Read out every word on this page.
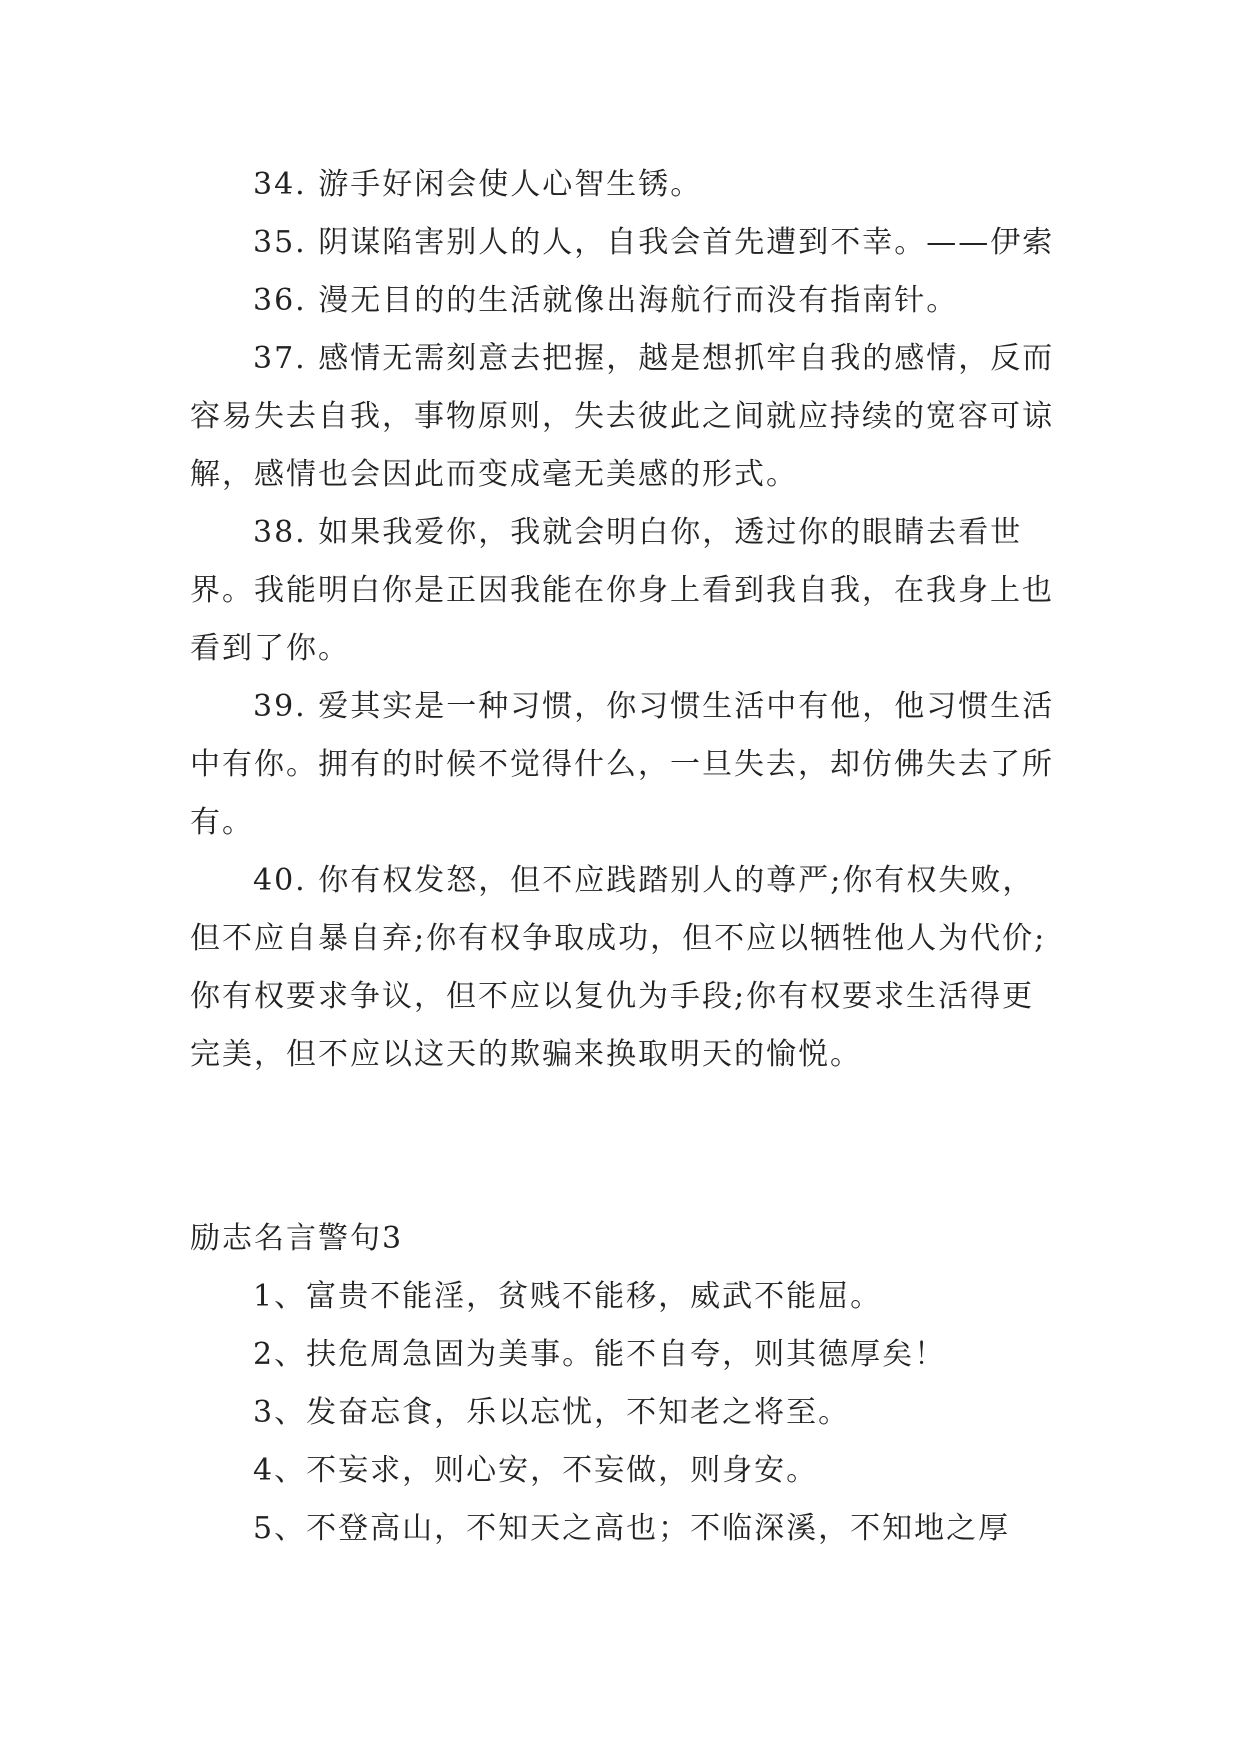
34. 游手好闲会使人心智生锈。

35. 阴谋陷害别人的人，自我会首先遭到不幸。——伊索

36. 漫无目的的生活就像出海航行而没有指南针。

37. 感情无需刻意去把握，越是想抓牢自我的感情，反而容易失去自我，事物原则，失去彼此之间就应持续的宽容可谅解，感情也会因此而变成毫无美感的形式。

38. 如果我爱你，我就会明白你，透过你的眼睛去看世界。我能明白你是正因我能在你身上看到我自我，在我身上也看到了你。

39. 爱其实是一种习惯，你习惯生活中有他，他习惯生活中有你。拥有的时候不觉得什么，一旦失去，却仿佛失去了所有。

40. 你有权发怒，但不应践踏别人的尊严;你有权失败，但不应自暴自弃;你有权争取成功，但不应以牺牲他人为代价;你有权要求争议，但不应以复仇为手段;你有权要求生活得更完美，但不应以这天的欺骗来换取明天的愉悦。

励志名言警句3

1、富贵不能淫，贫贱不能移，威武不能屈。

2、扶危周急固为美事。能不自夸，则其德厚矣！

3、发奋忘食，乐以忘忧，不知老之将至。

4、不妄求，则心安，不妄做，则身安。

5、不登高山，不知天之高也；不临深溪，不知地之厚
